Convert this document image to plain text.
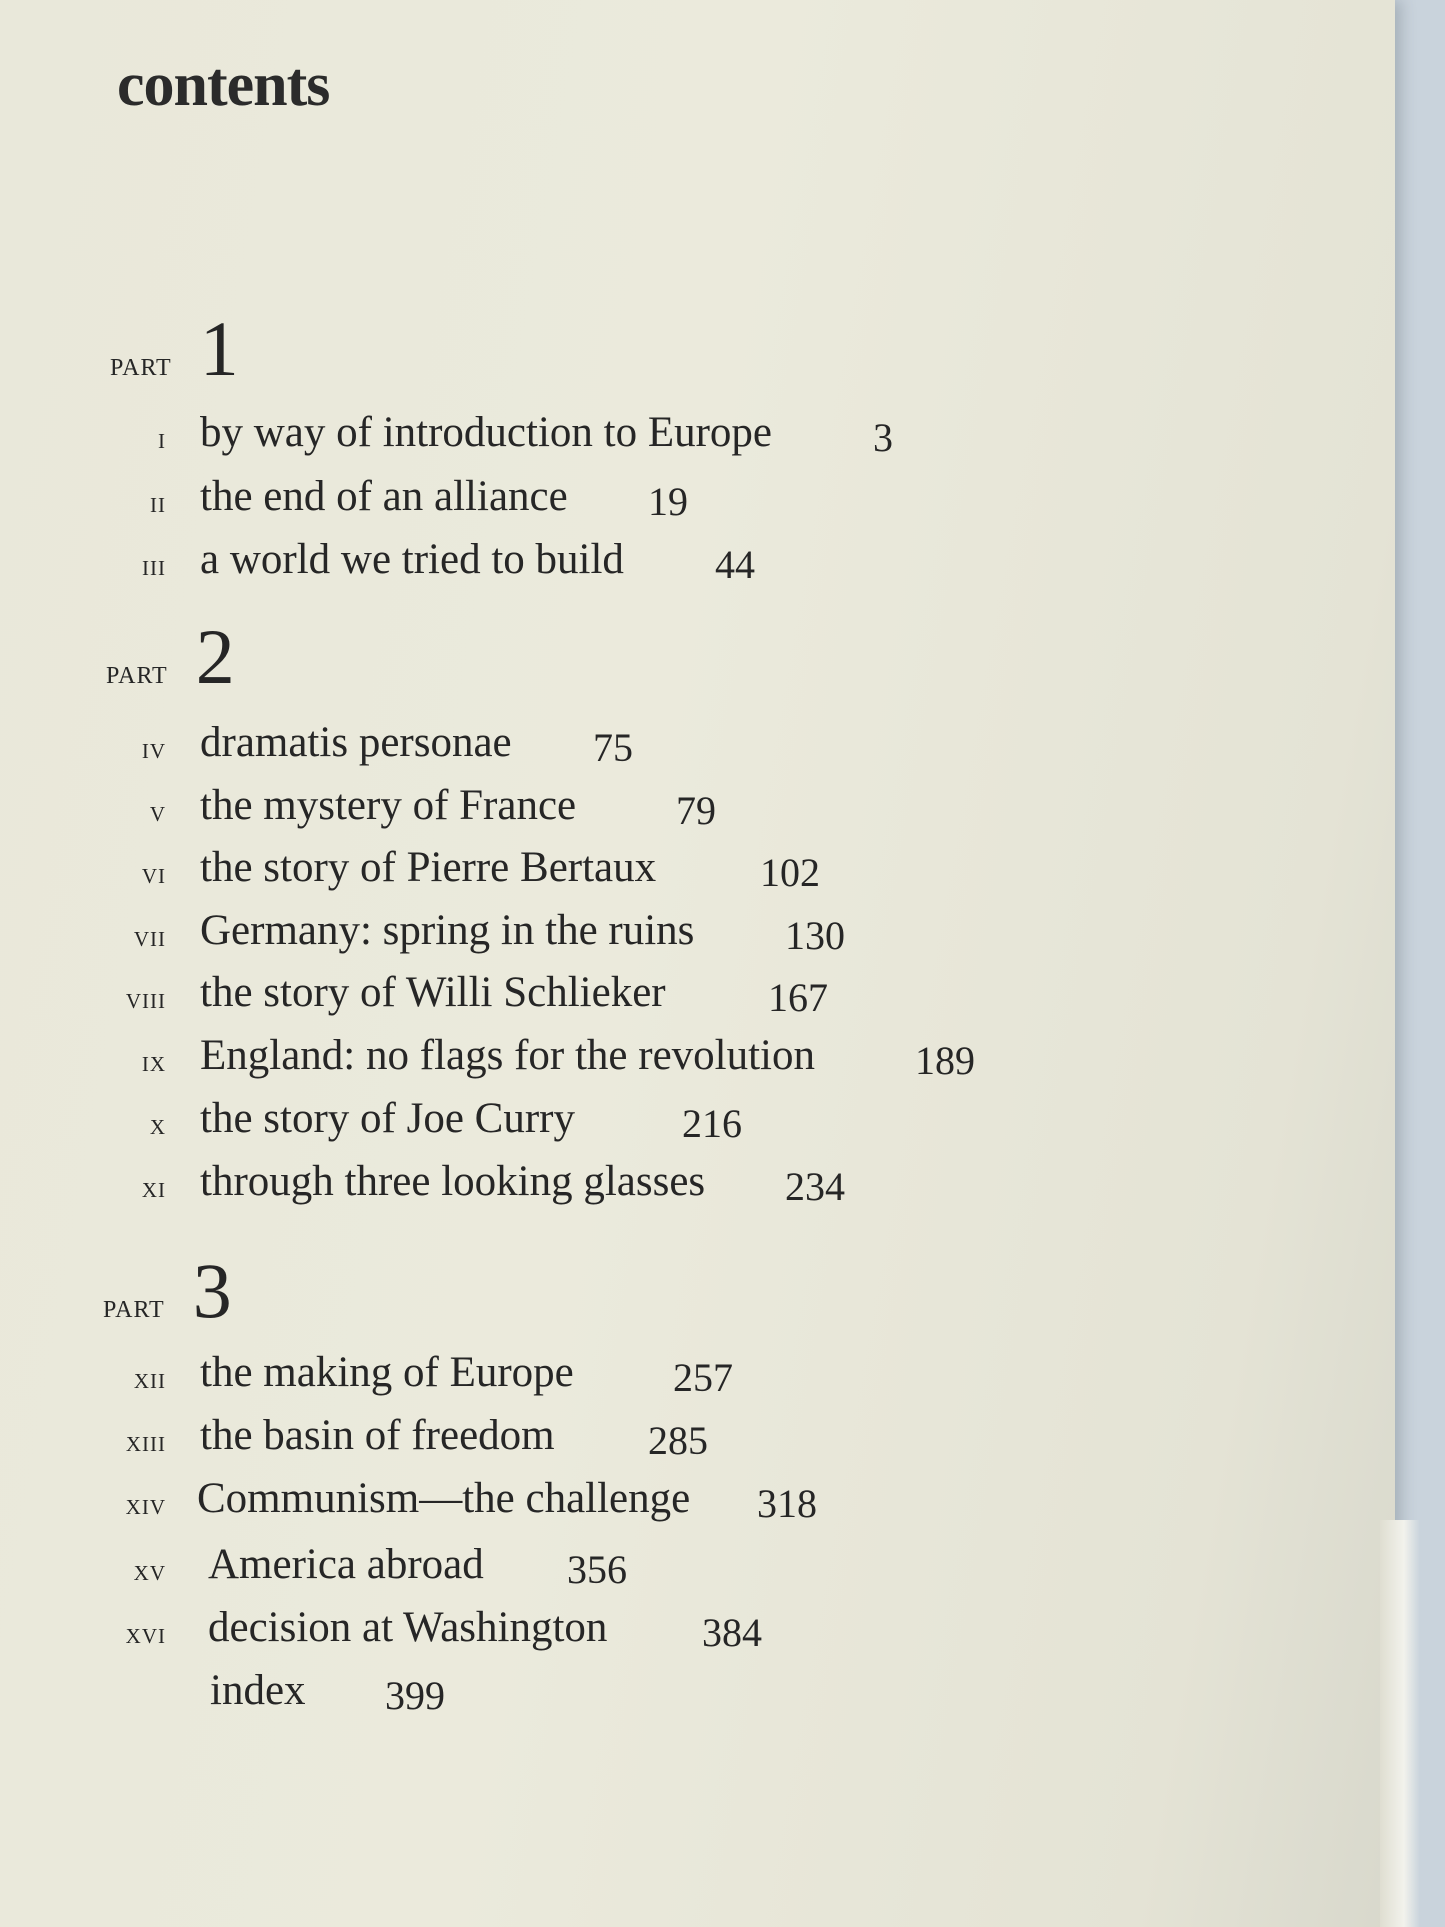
contents
part 1
i by way of introduction to Europe	3
ii the end of an alliance 19
iii a world we tried to build 44
part 2
iv dramatis personae 75
v the mystery of France 79
vi the story of Pierre Bertaux	102
vii Germany: spring in the ruins 130
viii the story of Willi Schlieker	167
ix England: no flags for the revolution	189
x the story of Joe Curry	216
xi through three looking glasses 234
part 3
xii the making of Europe 257
xiii the basin of freedom 285
xiv Communism—the challenge 318
xv America abroad 356
xvi decision at Washington 384
index 399
